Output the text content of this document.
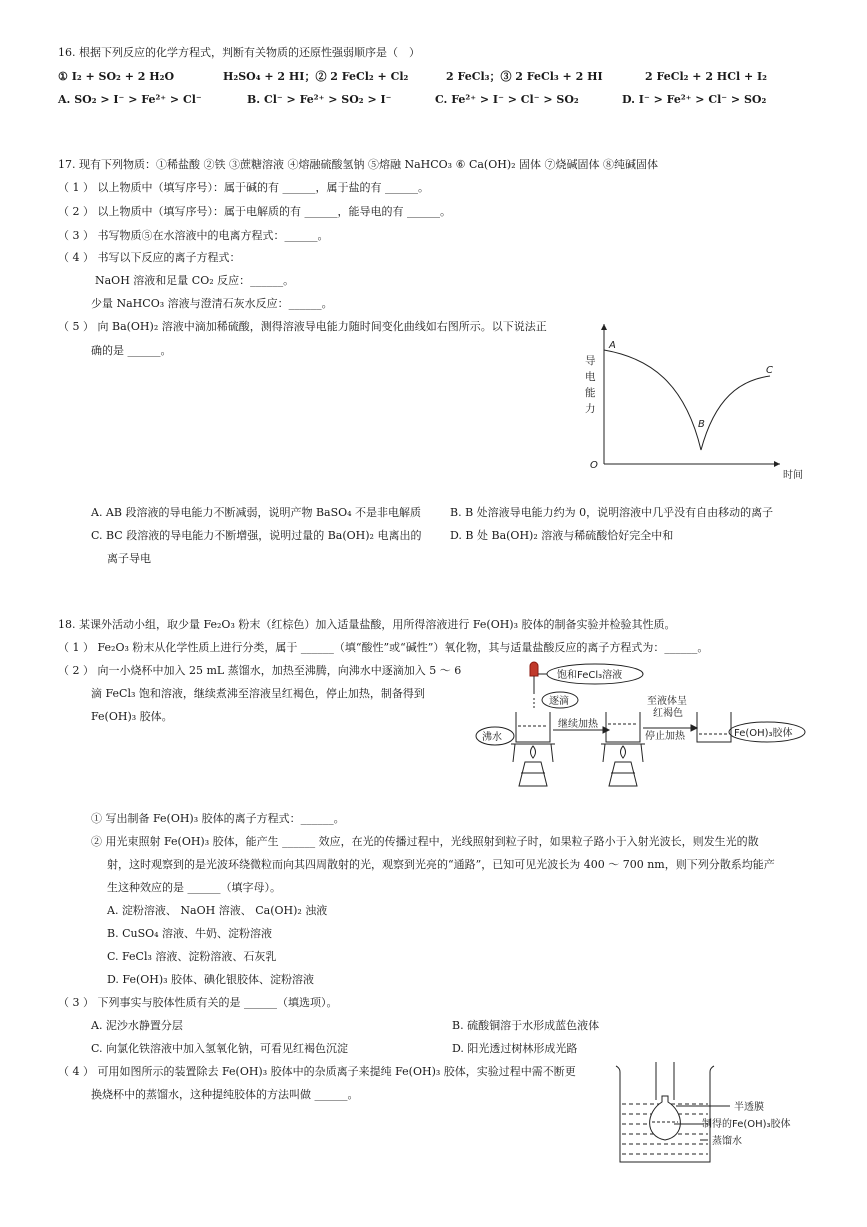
16. 根据下列反应的化学方程式，判断有关物质的还原性强弱顺序是（　）
① I₂ + SO₂ + 2 H₂O	H₂SO₄ + 2 HI；② 2 FeCl₂ + Cl₂	2 FeCl₃；③ 2 FeCl₃ + 2 HI	2 FeCl₂ + 2 HCl + I₂
A. SO₂ > I⁻ > Fe²⁺ > Cl⁻	B. Cl⁻ > Fe²⁺ > SO₂ > I⁻	C. Fe²⁺ > I⁻ > Cl⁻ > SO₂	D. I⁻ > Fe²⁺ > Cl⁻ > SO₂
17. 现有下列物质：①稀盐酸 ②铁 ③蔗糖溶液 ④熔融硫酸氢钠 ⑤熔融 NaHCO₃ ⑥ Ca(OH)₂ 固体 ⑦烧碱固体 ⑧纯碱固体
（ 1 ） 以上物质中（填写序号）：属于碱的有 ______，属于盐的有 ______。
（ 2 ） 以上物质中（填写序号）：属于电解质的有 ______，能导电的有 ______。
（ 3 ） 书写物质⑤在水溶液中的电离方程式：______。
（ 4 ） 书写以下反应的离子方程式：
NaOH 溶液和足量 CO₂ 反应：______。
少量 NaHCO₃ 溶液与澄清石灰水反应：______。
（ 5 ） 向 Ba(OH)₂ 溶液中滴加稀硫酸，测得溶液导电能力随时间变化曲线如右图所示。以下说法正
确的是 ______。
导
电
能
力
O
A
B
C
时间
A. AB 段溶液的导电能力不断减弱，说明产物 BaSO₄ 不是非电解质	B. B 处溶液导电能力约为 0，说明溶液中几乎没有自由移动的离子
C. BC 段溶液的导电能力不断增强，说明过量的 Ba(OH)₂ 电离出的	D. B 处 Ba(OH)₂ 溶液与稀硫酸恰好完全中和
离子导电
18. 某课外活动小组，取少量 Fe₂O₃ 粉末（红棕色）加入适量盐酸，用所得溶液进行 Fe(OH)₃ 胶体的制备实验并检验其性质。
（ 1 ） Fe₂O₃ 粉末从化学性质上进行分类，属于 ______（填“酸性”或“碱性”）氧化物，其与适量盐酸反应的离子方程式为：______。
（ 2 ） 向一小烧杯中加入 25 mL 蒸馏水，加热至沸腾，向沸水中逐滴加入 5 ～ 6
滴 FeCl₃ 饱和溶液，继续煮沸至溶液呈红褐色，停止加热，制备得到
Fe(OH)₃ 胶体。
饱和FeCl₃溶液
逐滴
沸水
继续加热
至液体呈
红褐色
停止加热	Fe(OH)₃胶体
① 写出制备 Fe(OH)₃ 胶体的离子方程式：______。
② 用光束照射 Fe(OH)₃ 胶体，能产生 ______ 效应，在光的传播过程中，光线照射到粒子时，如果粒子路小于入射光波长，则发生光的散
射，这时观察到的是光波环绕微粒而向其四周散射的光，观察到光亮的“通路”，已知可见光波长为 400 ～ 700 nm，则下列分散系均能产
生这种效应的是 ______（填字母）。
A. 淀粉溶液、 NaOH 溶液、 Ca(OH)₂ 浊液
B. CuSO₄ 溶液、牛奶、淀粉溶液
C. FeCl₃ 溶液、淀粉溶液、石灰乳
D. Fe(OH)₃ 胶体、碘化银胶体、淀粉溶液
（ 3 ） 下列事实与胶体性质有关的是 ______（填选项）。
A. 泥沙水静置分层	B. 硫酸铜溶于水形成蓝色液体
C. 向氯化铁溶液中加入氢氧化钠，可看见红褐色沉淀	D. 阳光透过树林形成光路
（ 4 ） 可用如图所示的装置除去 Fe(OH)₃ 胶体中的杂质离子来提纯 Fe(OH)₃ 胶体，实验过程中需不断更
换烧杯中的蒸馏水，这种提纯胶体的方法叫做 ______。
半透膜
制得的Fe(OH)₃胶体
蒸馏水
